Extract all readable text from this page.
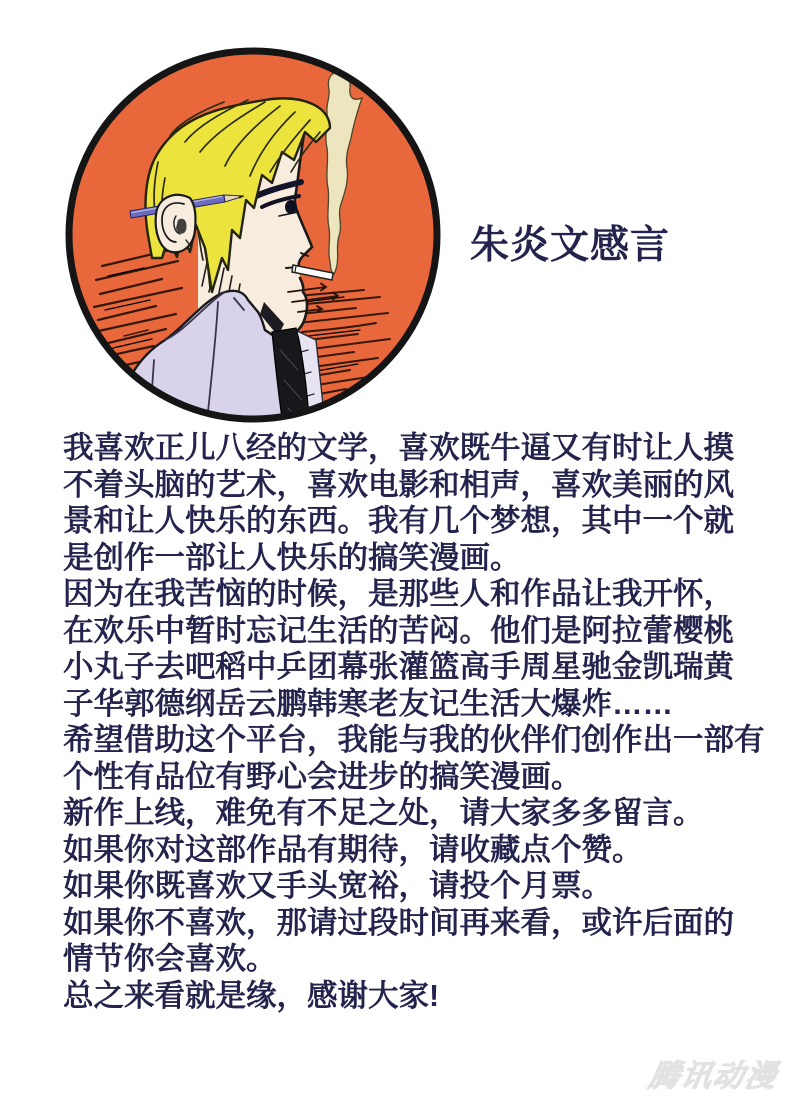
朱炎文感言

我喜欢正儿八经的文学，喜欢既牛逼又有时让人摸

不着头脑的艺术，喜欢电影和相声，喜欢美丽的风

景和让人快乐的东西。我有几个梦想，其中一个就

是创作一部让人快乐的搞笑漫画。

因为在我苦恼的时候，是那些人和作品让我开怀，

在欢乐中暂时忘记生活的苦闷。他们是阿拉蕾樱桃

小丸子去吧稻中乒团幕张灌篮高手周星驰金凯瑞黄

子华郭德纲岳云鹏韩寒老友记生活大爆炸……

希望借助这个平台，我能与我的伙伴们创作出一部有

个性有品位有野心会进步的搞笑漫画。

新作上线，难免有不足之处，请大家多多留言。

如果你对这部作品有期待，请收藏点个赞。

如果你既喜欢又手头宽裕，请投个月票。

如果你不喜欢，那请过段时间再来看，或许后面的

情节你会喜欢。

总之来看就是缘，感谢大家!

腾讯动漫
